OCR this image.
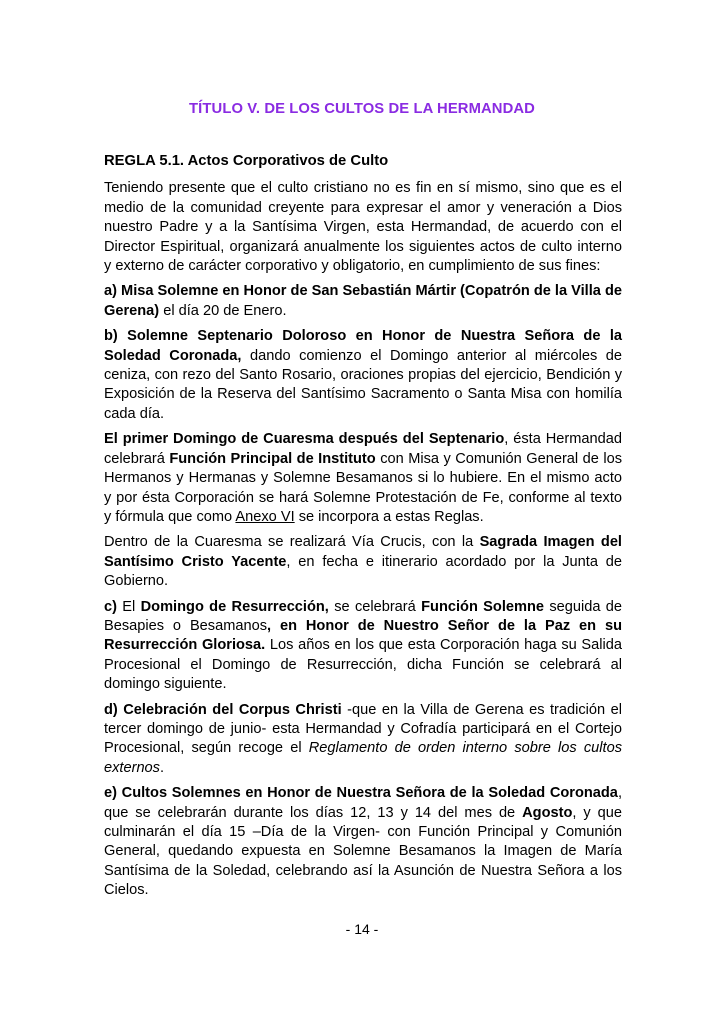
TÍTULO V. DE LOS CULTOS DE LA HERMANDAD
REGLA 5.1. Actos Corporativos de Culto

Teniendo presente que el culto cristiano no es fin en sí mismo, sino que es el medio de la comunidad creyente para expresar el amor y veneración a Dios nuestro Padre y a la Santísima Virgen, esta Hermandad, de acuerdo con el Director Espiritual, organizará anualmente los siguientes actos de culto interno y externo de carácter corporativo y obligatorio, en cumplimiento de sus fines:

a) Misa Solemne en Honor de San Sebastián Mártir (Copatrón de la Villa de Gerena) el día 20 de Enero.

b) Solemne Septenario Doloroso en Honor de Nuestra Señora de la Soledad Coronada, dando comienzo el Domingo anterior al miércoles de ceniza, con rezo del Santo Rosario, oraciones propias del ejercicio, Bendición y Exposición de la Reserva del Santísimo Sacramento o Santa Misa con homilía cada día.

El primer Domingo de Cuaresma después del Septenario, ésta Hermandad celebrará Función Principal de Instituto con Misa y Comunión General de los Hermanos y Hermanas y Solemne Besamanos si lo hubiere. En el mismo acto y por ésta Corporación se hará Solemne Protestación de Fe, conforme al texto y fórmula que como Anexo VI se incorpora a estas Reglas.

Dentro de la Cuaresma se realizará Vía Crucis, con la Sagrada Imagen del Santísimo Cristo Yacente, en fecha e itinerario acordado por la Junta de Gobierno.

c) El Domingo de Resurrección, se celebrará Función Solemne seguida de Besapies o Besamanos, en Honor de Nuestro Señor de la Paz en su Resurrección Gloriosa. Los años en los que esta Corporación haga su Salida Procesional el Domingo de Resurrección, dicha Función se celebrará al domingo siguiente.

d) Celebración del Corpus Christi -que en la Villa de Gerena es tradición el tercer domingo de junio- esta Hermandad y Cofradía participará en el Cortejo Procesional, según recoge el Reglamento de orden interno sobre los cultos externos.

e) Cultos Solemnes en Honor de Nuestra Señora de la Soledad Coronada, que se celebrarán durante los días 12, 13 y 14 del mes de Agosto, y que culminarán el día 15 –Día de la Virgen- con Función Principal y Comunión General, quedando expuesta en Solemne Besamanos la Imagen de María Santísima de la Soledad, celebrando así la Asunción de Nuestra Señora a los Cielos.

- 14 -
